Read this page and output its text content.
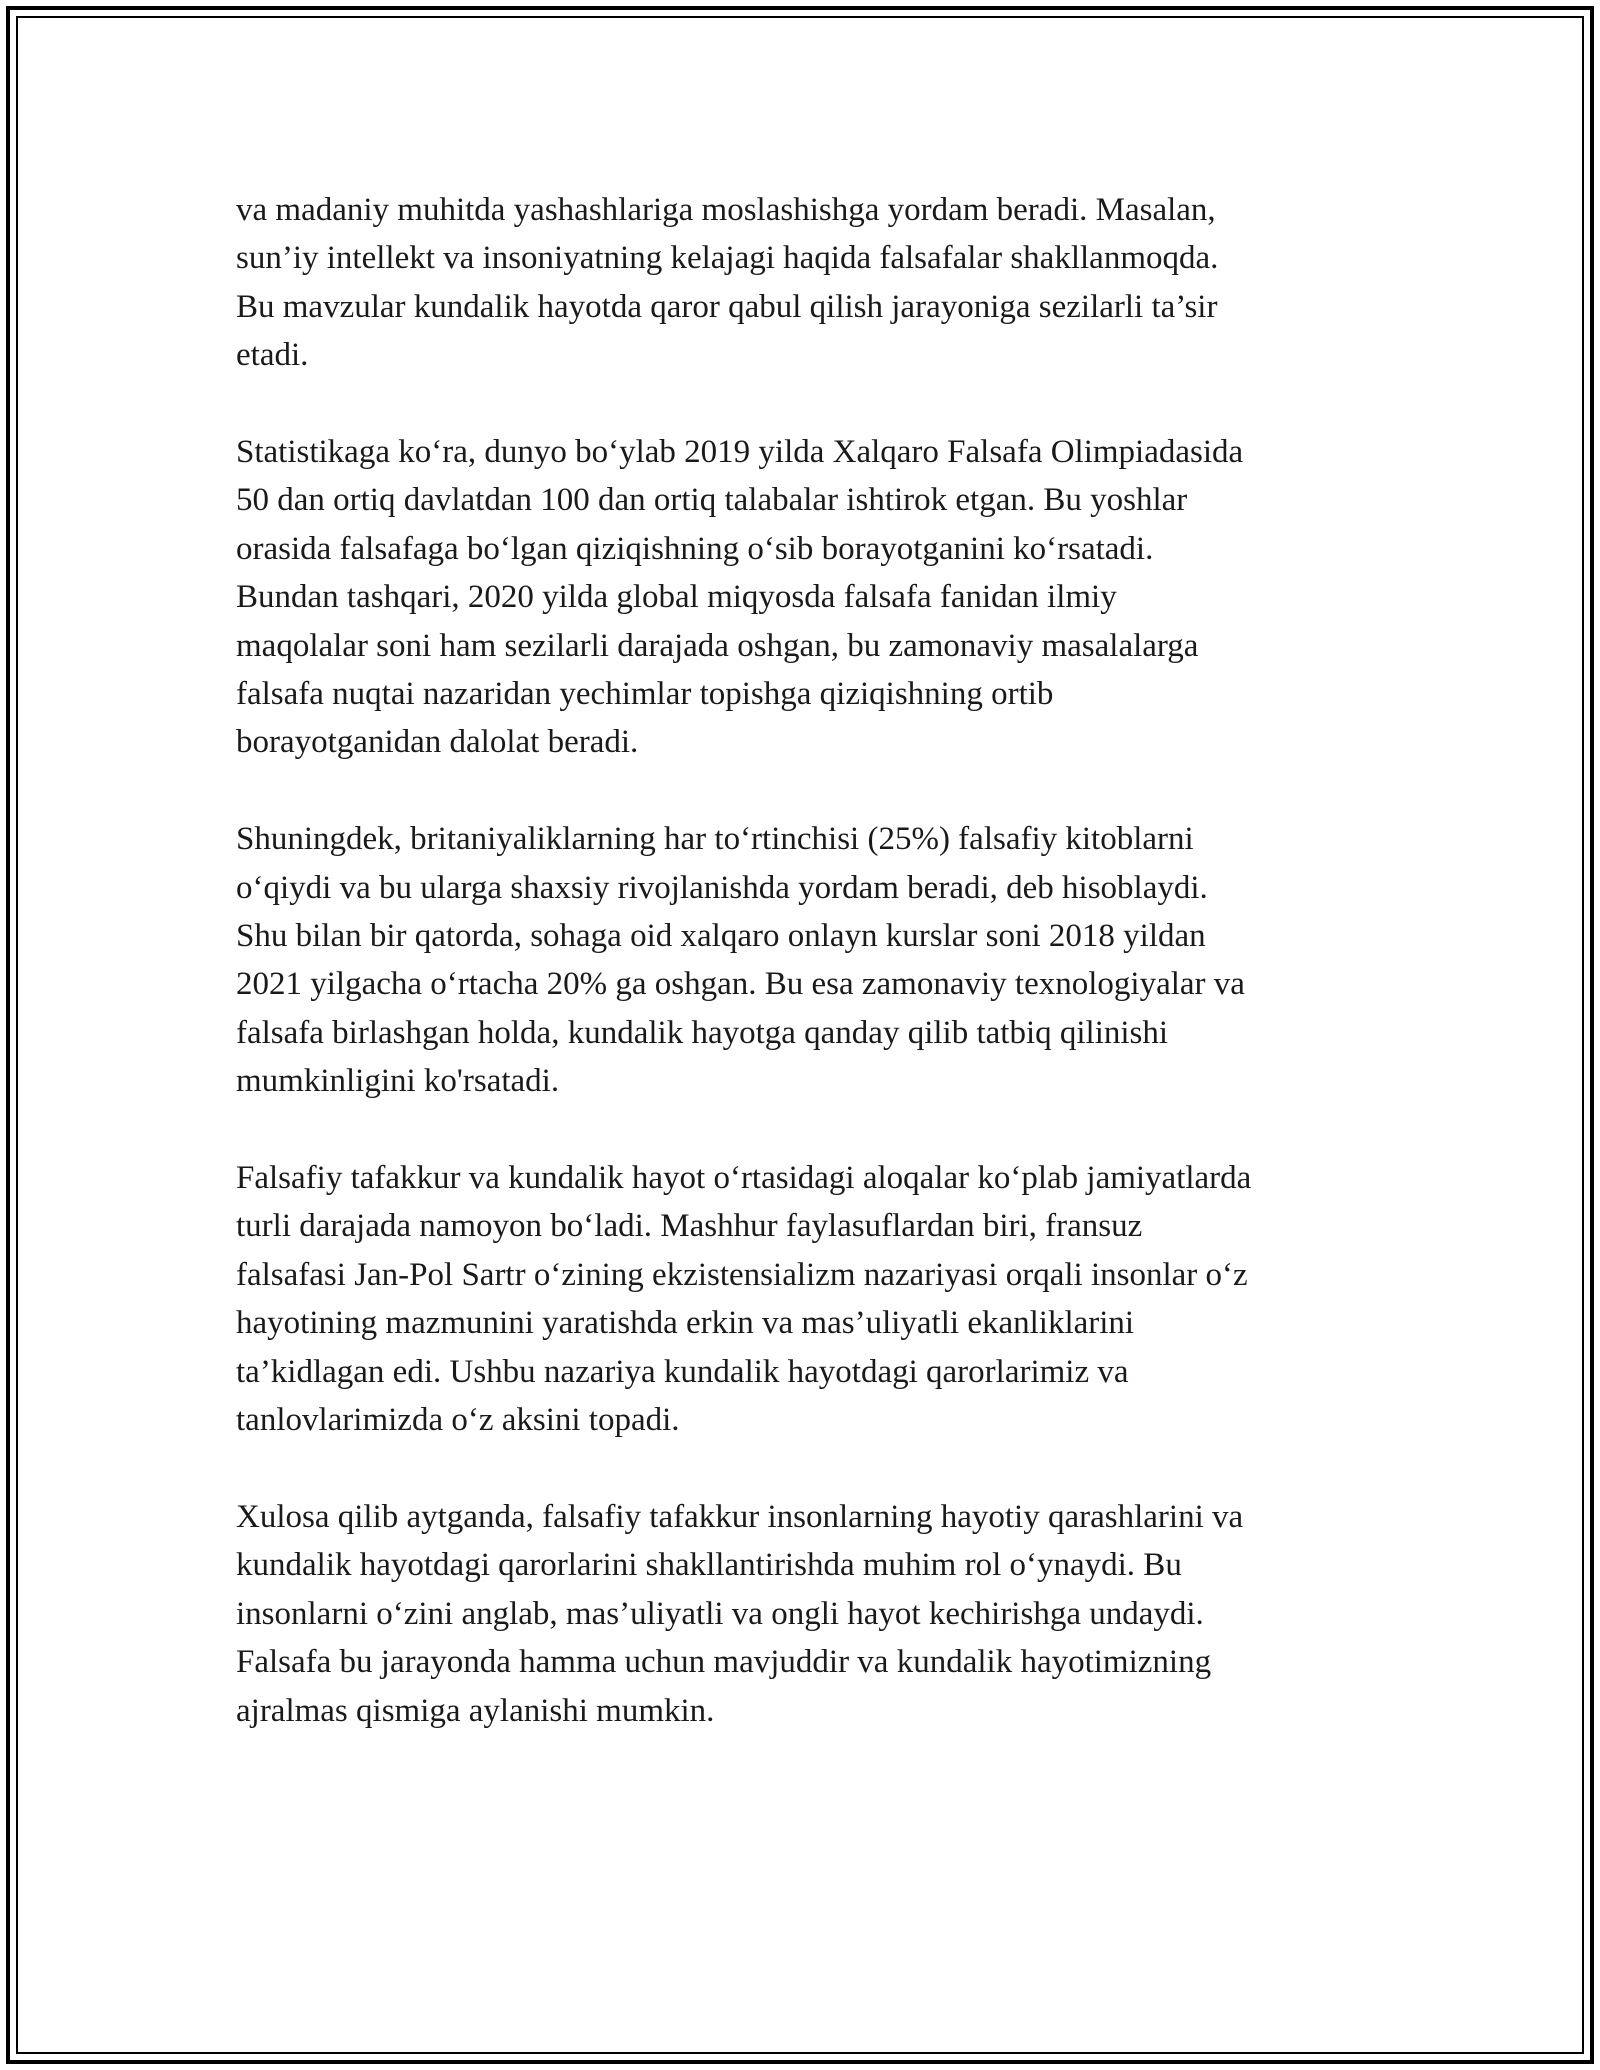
va madaniy muhitda yashashlariga moslashishga yordam beradi. Masalan,
sun’iy intellekt va insoniyatning kelajagi haqida falsafalar shakllanmoqda.
Bu mavzular kundalik hayotda qaror qabul qilish jarayoniga sezilarli ta’sir
etadi.

Statistikaga ko‘ra, dunyo bo‘ylab 2019 yilda Xalqaro Falsafa Olimpiadasida
50 dan ortiq davlatdan 100 dan ortiq talabalar ishtirok etgan. Bu yoshlar
orasida falsafaga bo‘lgan qiziqishning o‘sib borayotganini ko‘rsatadi.
Bundan tashqari, 2020 yilda global miqyosda falsafa fanidan ilmiy
maqolalar soni ham sezilarli darajada oshgan, bu zamonaviy masalalarga
falsafa nuqtai nazaridan yechimlar topishga qiziqishning ortib
borayotganidan dalolat beradi.

Shuningdek, britaniyaliklarning har to‘rtinchisi (25%) falsafiy kitoblarni
o‘qiydi va bu ularga shaxsiy rivojlanishda yordam beradi, deb hisoblaydi.
Shu bilan bir qatorda, sohaga oid xalqaro onlayn kurslar soni 2018 yildan
2021 yilgacha o‘rtacha 20% ga oshgan. Bu esa zamonaviy texnologiyalar va
falsafa birlashgan holda, kundalik hayotga qanday qilib tatbiq qilinishi
mumkinligini ko'rsatadi.

Falsafiy tafakkur va kundalik hayot o‘rtasidagi aloqalar ko‘plab jamiyatlarda
turli darajada namoyon bo‘ladi. Mashhur faylasuflardan biri, fransuz
falsafasi Jan-Pol Sartr o‘zining ekzistensializm nazariyasi orqali insonlar o‘z
hayotining mazmunini yaratishda erkin va mas’uliyatli ekanliklarini
ta’kidlagan edi. Ushbu nazariya kundalik hayotdagi qarorlarimiz va
tanlovlarimizda o‘z aksini topadi.

Xulosa qilib aytganda, falsafiy tafakkur insonlarning hayotiy qarashlarini va
kundalik hayotdagi qarorlarini shakllantirishda muhim rol o‘ynaydi. Bu
insonlarni o‘zini anglab, mas’uliyatli va ongli hayot kechirishga undaydi.
Falsafa bu jarayonda hamma uchun mavjuddir va kundalik hayotimizning
ajralmas qismiga aylanishi mumkin.
